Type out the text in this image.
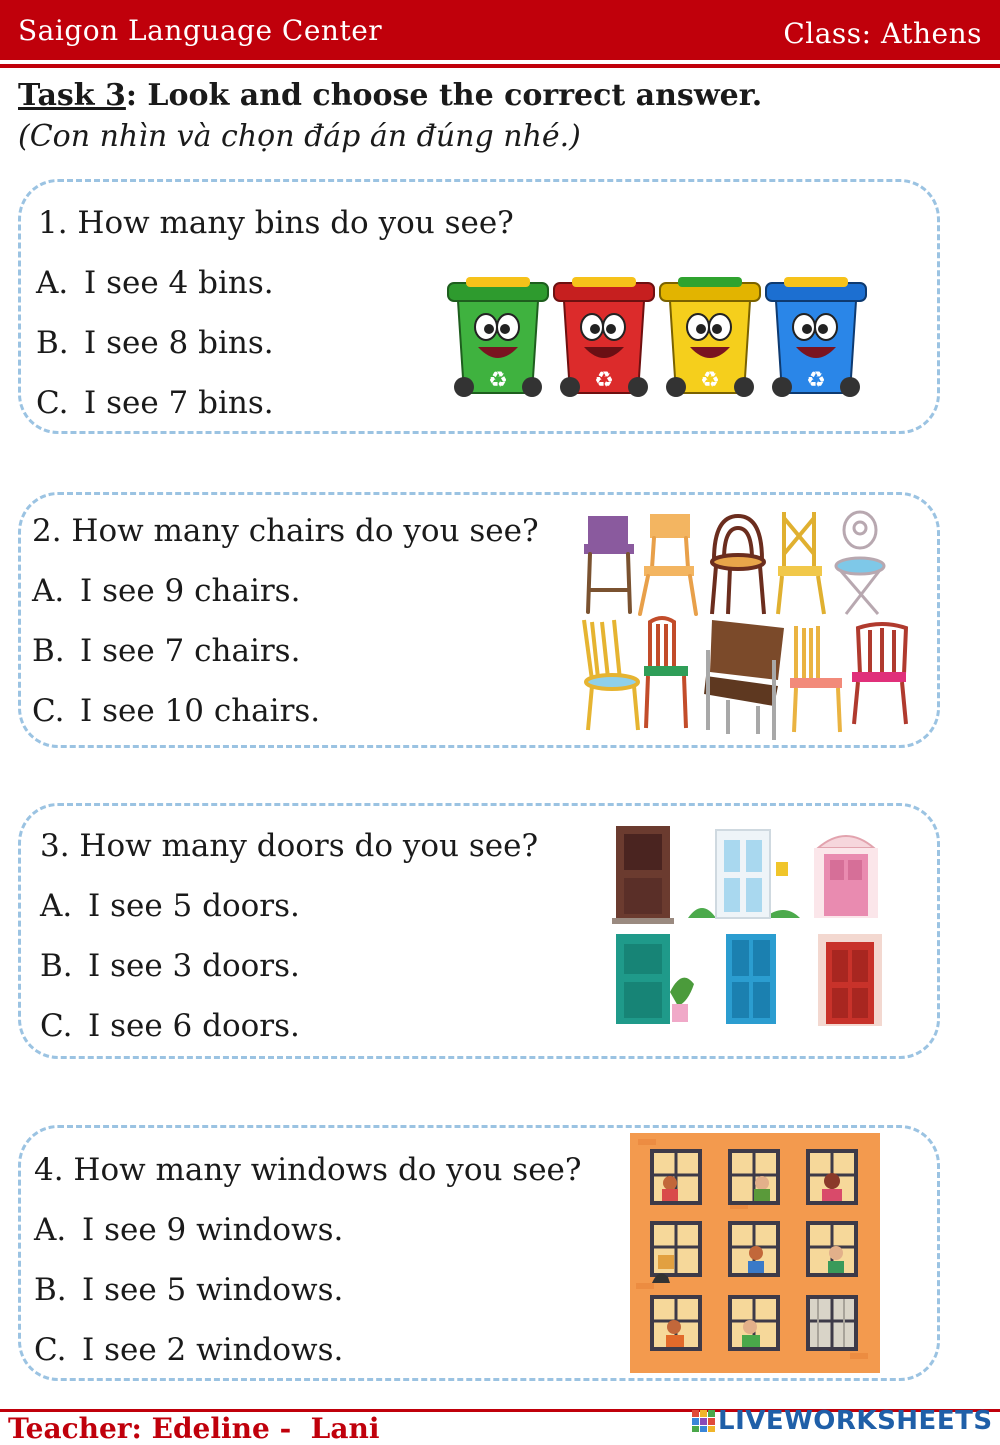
Saigon Language Center	Class: Athens
Task 3: Look and choose the correct answer.
(Con nhìn và chọn đáp án đúng nhé.)
1. How many bins do you see?
A. I see 4 bins.
B. I see 8 bins.
C. I see 7 bins.
♻	♻	♻	♻
2. How many chairs do you see?
A. I see 9 chairs.
B. I see 7 chairs.
C. I see 10 chairs.
3. How many doors do you see?
A. I see 5 doors.
B. I see 3 doors.
C. I see 6 doors.
4. How many windows do you see?
A. I see 9 windows.
B. I see 5 windows.
C. I see 2 windows.
Teacher: Edeline -  Lani	LIVEWORKSHEETS
